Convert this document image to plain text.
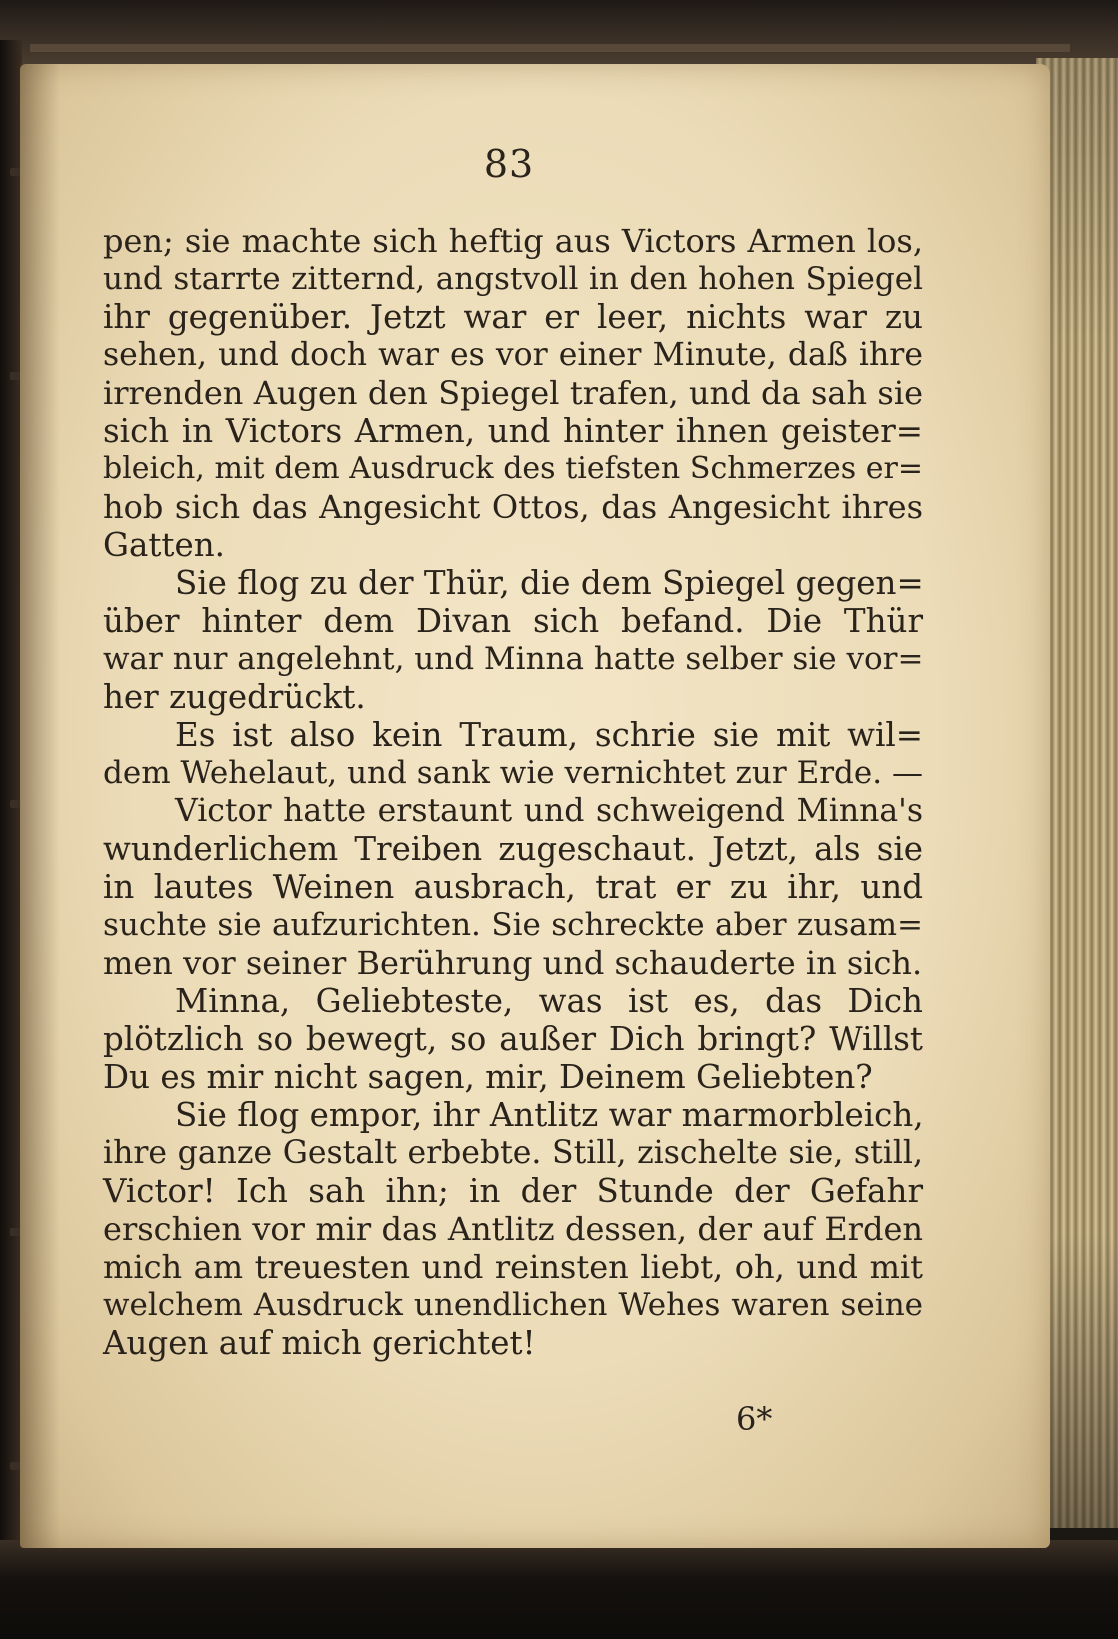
83
pen; sie machte sich heftig aus Victors Armen los,
und starrte zitternd, angstvoll in den hohen Spiegel
ihr gegenüber. Jetzt war er leer, nichts war zu
sehen, und doch war es vor einer Minute, daß ihre
irrenden Augen den Spiegel trafen, und da sah sie
sich in Victors Armen, und hinter ihnen geister=
bleich, mit dem Ausdruck des tiefsten Schmerzes er=
hob sich das Angesicht Ottos, das Angesicht ihres
Gatten.
Sie flog zu der Thür, die dem Spiegel gegen=
über hinter dem Divan sich befand. Die Thür
war nur angelehnt, und Minna hatte selber sie vor=
her zugedrückt.
Es ist also kein Traum, schrie sie mit wil=
dem Wehelaut, und sank wie vernichtet zur Erde. —
Victor hatte erstaunt und schweigend Minna's
wunderlichem Treiben zugeschaut. Jetzt, als sie
in lautes Weinen ausbrach, trat er zu ihr, und
suchte sie aufzurichten. Sie schreckte aber zusam=
men vor seiner Berührung und schauderte in sich.
Minna, Geliebteste, was ist es, das Dich
plötzlich so bewegt, so außer Dich bringt? Willst
Du es mir nicht sagen, mir, Deinem Geliebten?
Sie flog empor, ihr Antlitz war marmorbleich,
ihre ganze Gestalt erbebte. Still, zischelte sie, still,
Victor! Ich sah ihn; in der Stunde der Gefahr
erschien vor mir das Antlitz dessen, der auf Erden
mich am treuesten und reinsten liebt, oh, und mit
welchem Ausdruck unendlichen Wehes waren seine
Augen auf mich gerichtet!
6*
